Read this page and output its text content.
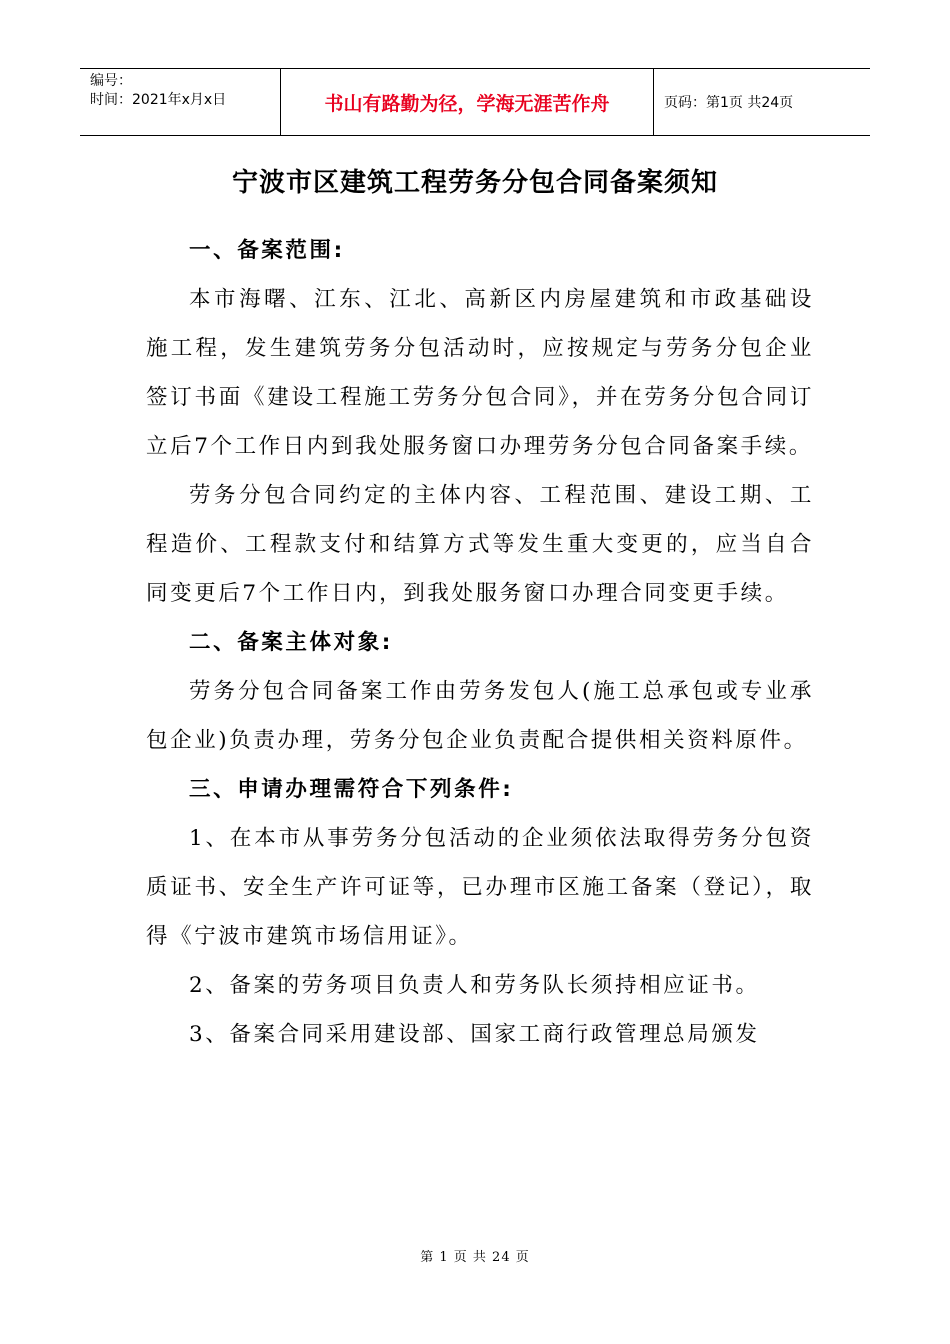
编号：
时间：2021年x月x日	书山有路勤为径，学海无涯苦作舟	页码：第1页 共24页
宁波市区建筑工程劳务分包合同备案须知
一、备案范围:

本市海曙、江东、江北、高新区内房屋建筑和市政基础设施工程，发生建筑劳务分包活动时，应按规定与劳务分包企业签订书面《建设工程施工劳务分包合同》，并在劳务分包合同订立后7个工作日内到我处服务窗口办理劳务分包合同备案手续。

劳务分包合同约定的主体内容、工程范围、建设工期、工程造价、工程款支付和结算方式等发生重大变更的，应当自合同变更后7个工作日内，到我处服务窗口办理合同变更手续。

二、备案主体对象:

劳务分包合同备案工作由劳务发包人(施工总承包或专业承包企业)负责办理，劳务分包企业负责配合提供相关资料原件。

三、申请办理需符合下列条件:

1、在本市从事劳务分包活动的企业须依法取得劳务分包资质证书、安全生产许可证等，已办理市区施工备案（登记），取得《宁波市建筑市场信用证》。

2、备案的劳务项目负责人和劳务队长须持相应证书。

3、备案合同采用建设部、国家工商行政管理总局颁发

第 1 页 共 24 页
